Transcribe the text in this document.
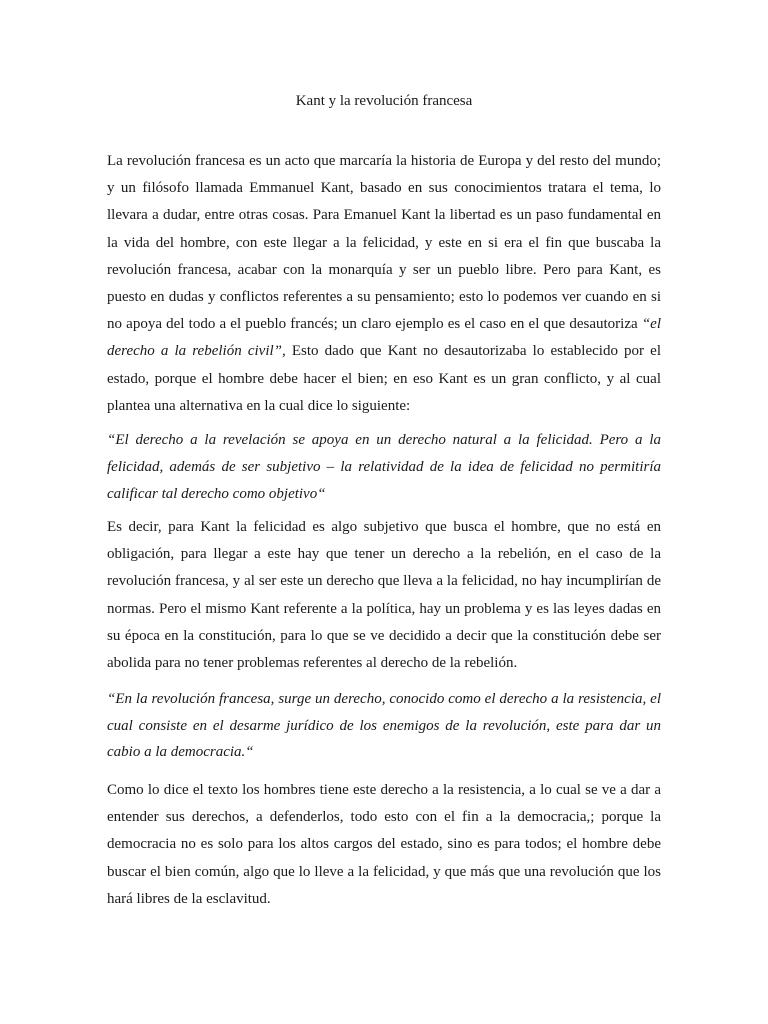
Kant y la revolución francesa

La revolución francesa es un acto que marcaría la historia de Europa y del resto del mundo; y un filósofo llamada Emmanuel Kant, basado en sus conocimientos tratara el tema, lo llevara a dudar, entre otras cosas. Para Emanuel Kant la libertad es un paso fundamental en la vida del hombre, con este llegar a la felicidad, y este en si era el fin que buscaba la revolución francesa, acabar con la monarquía y ser un pueblo libre. Pero para Kant, es puesto en dudas y conflictos referentes a su pensamiento; esto lo podemos ver cuando en si no apoya del todo a el pueblo francés; un claro ejemplo es el caso en el que desautoriza “el derecho a la rebelión civil”, Esto dado que Kant no desautorizaba lo establecido por el estado, porque el hombre debe hacer el bien; en eso Kant es un gran conflicto, y al cual plantea una alternativa en la cual dice lo siguiente:

“El derecho a la revelación se apoya en un derecho natural a la felicidad. Pero a la felicidad, además de ser subjetivo – la relatividad de la idea de felicidad no permitiría calificar tal derecho como objetivo“

Es decir, para Kant la felicidad es algo subjetivo que busca el hombre, que no está en obligación, para llegar a este hay que tener un derecho a la rebelión, en el caso de la revolución francesa, y al ser este un derecho que lleva a la felicidad, no hay incumplirían de normas. Pero el mismo Kant referente a la política, hay un problema y es las leyes dadas en su época en la constitución, para lo que se ve decidido a decir que la constitución debe ser abolida para no tener problemas referentes al derecho de la rebelión.

“En la revolución francesa, surge un derecho, conocido como el derecho a la resistencia, el cual consiste en el desarme jurídico de los enemigos de la revolución, este para dar un cabio a la democracia.“

Como lo dice el texto los hombres tiene este derecho a la resistencia, a lo cual se ve a dar a entender sus derechos, a defenderlos, todo esto con el fin a la democracia,; porque la democracia no es solo para los altos cargos del estado, sino es para todos; el hombre debe buscar el bien común, algo que lo lleve a la felicidad, y que más que una revolución que los hará libres de la esclavitud.
